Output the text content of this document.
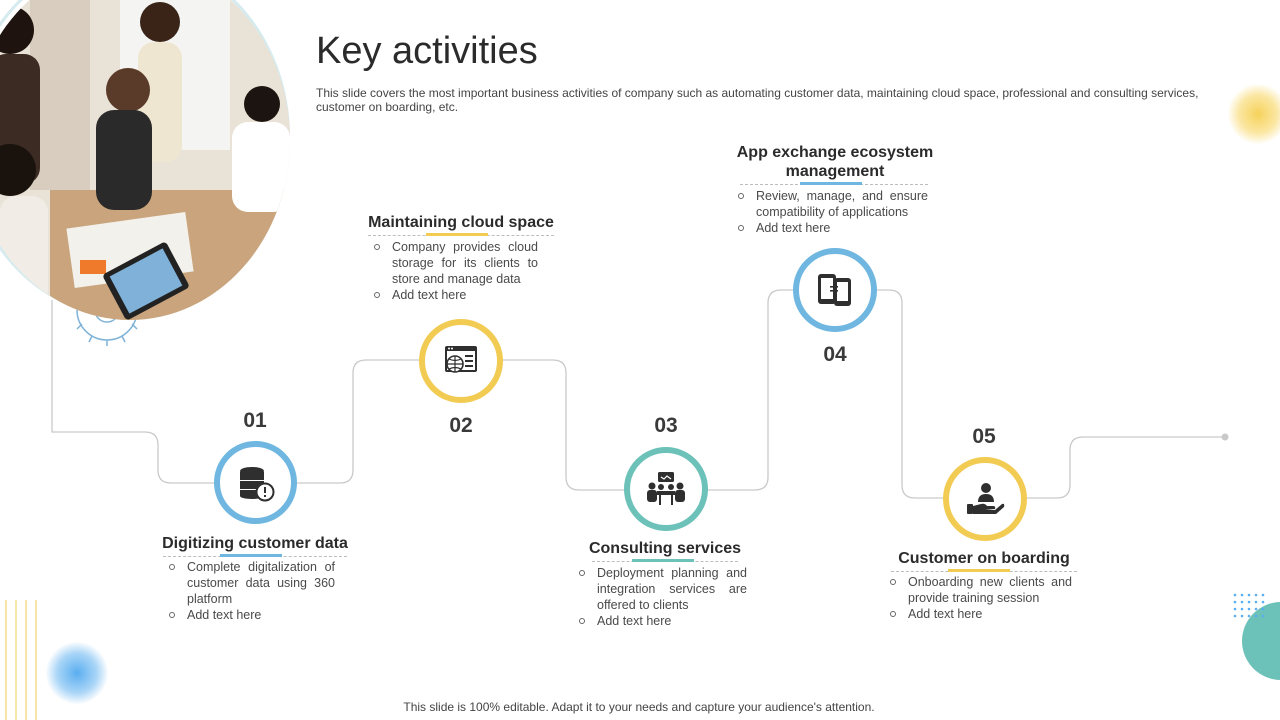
Key activities
This slide covers the most important business activities of company such as automating customer data, maintaining cloud space, professional and consulting services, customer on boarding, etc.
01
Digitizing customer data
Complete digitalization of customer data using 360 platform
Add text here
Maintaining cloud space
Company provides cloud storage for its clients to store and manage data
Add text here
02	03
Consulting services
Deployment planning and integration services are offered to clients
Add text here
App exchange ecosystem management
Review, manage, and ensure compatibility of applications
Add text here
04
05
Customer on boarding
Onboarding new clients and provide training session
Add text here
This slide is 100% editable. Adapt it to your needs and capture your audience's attention.
